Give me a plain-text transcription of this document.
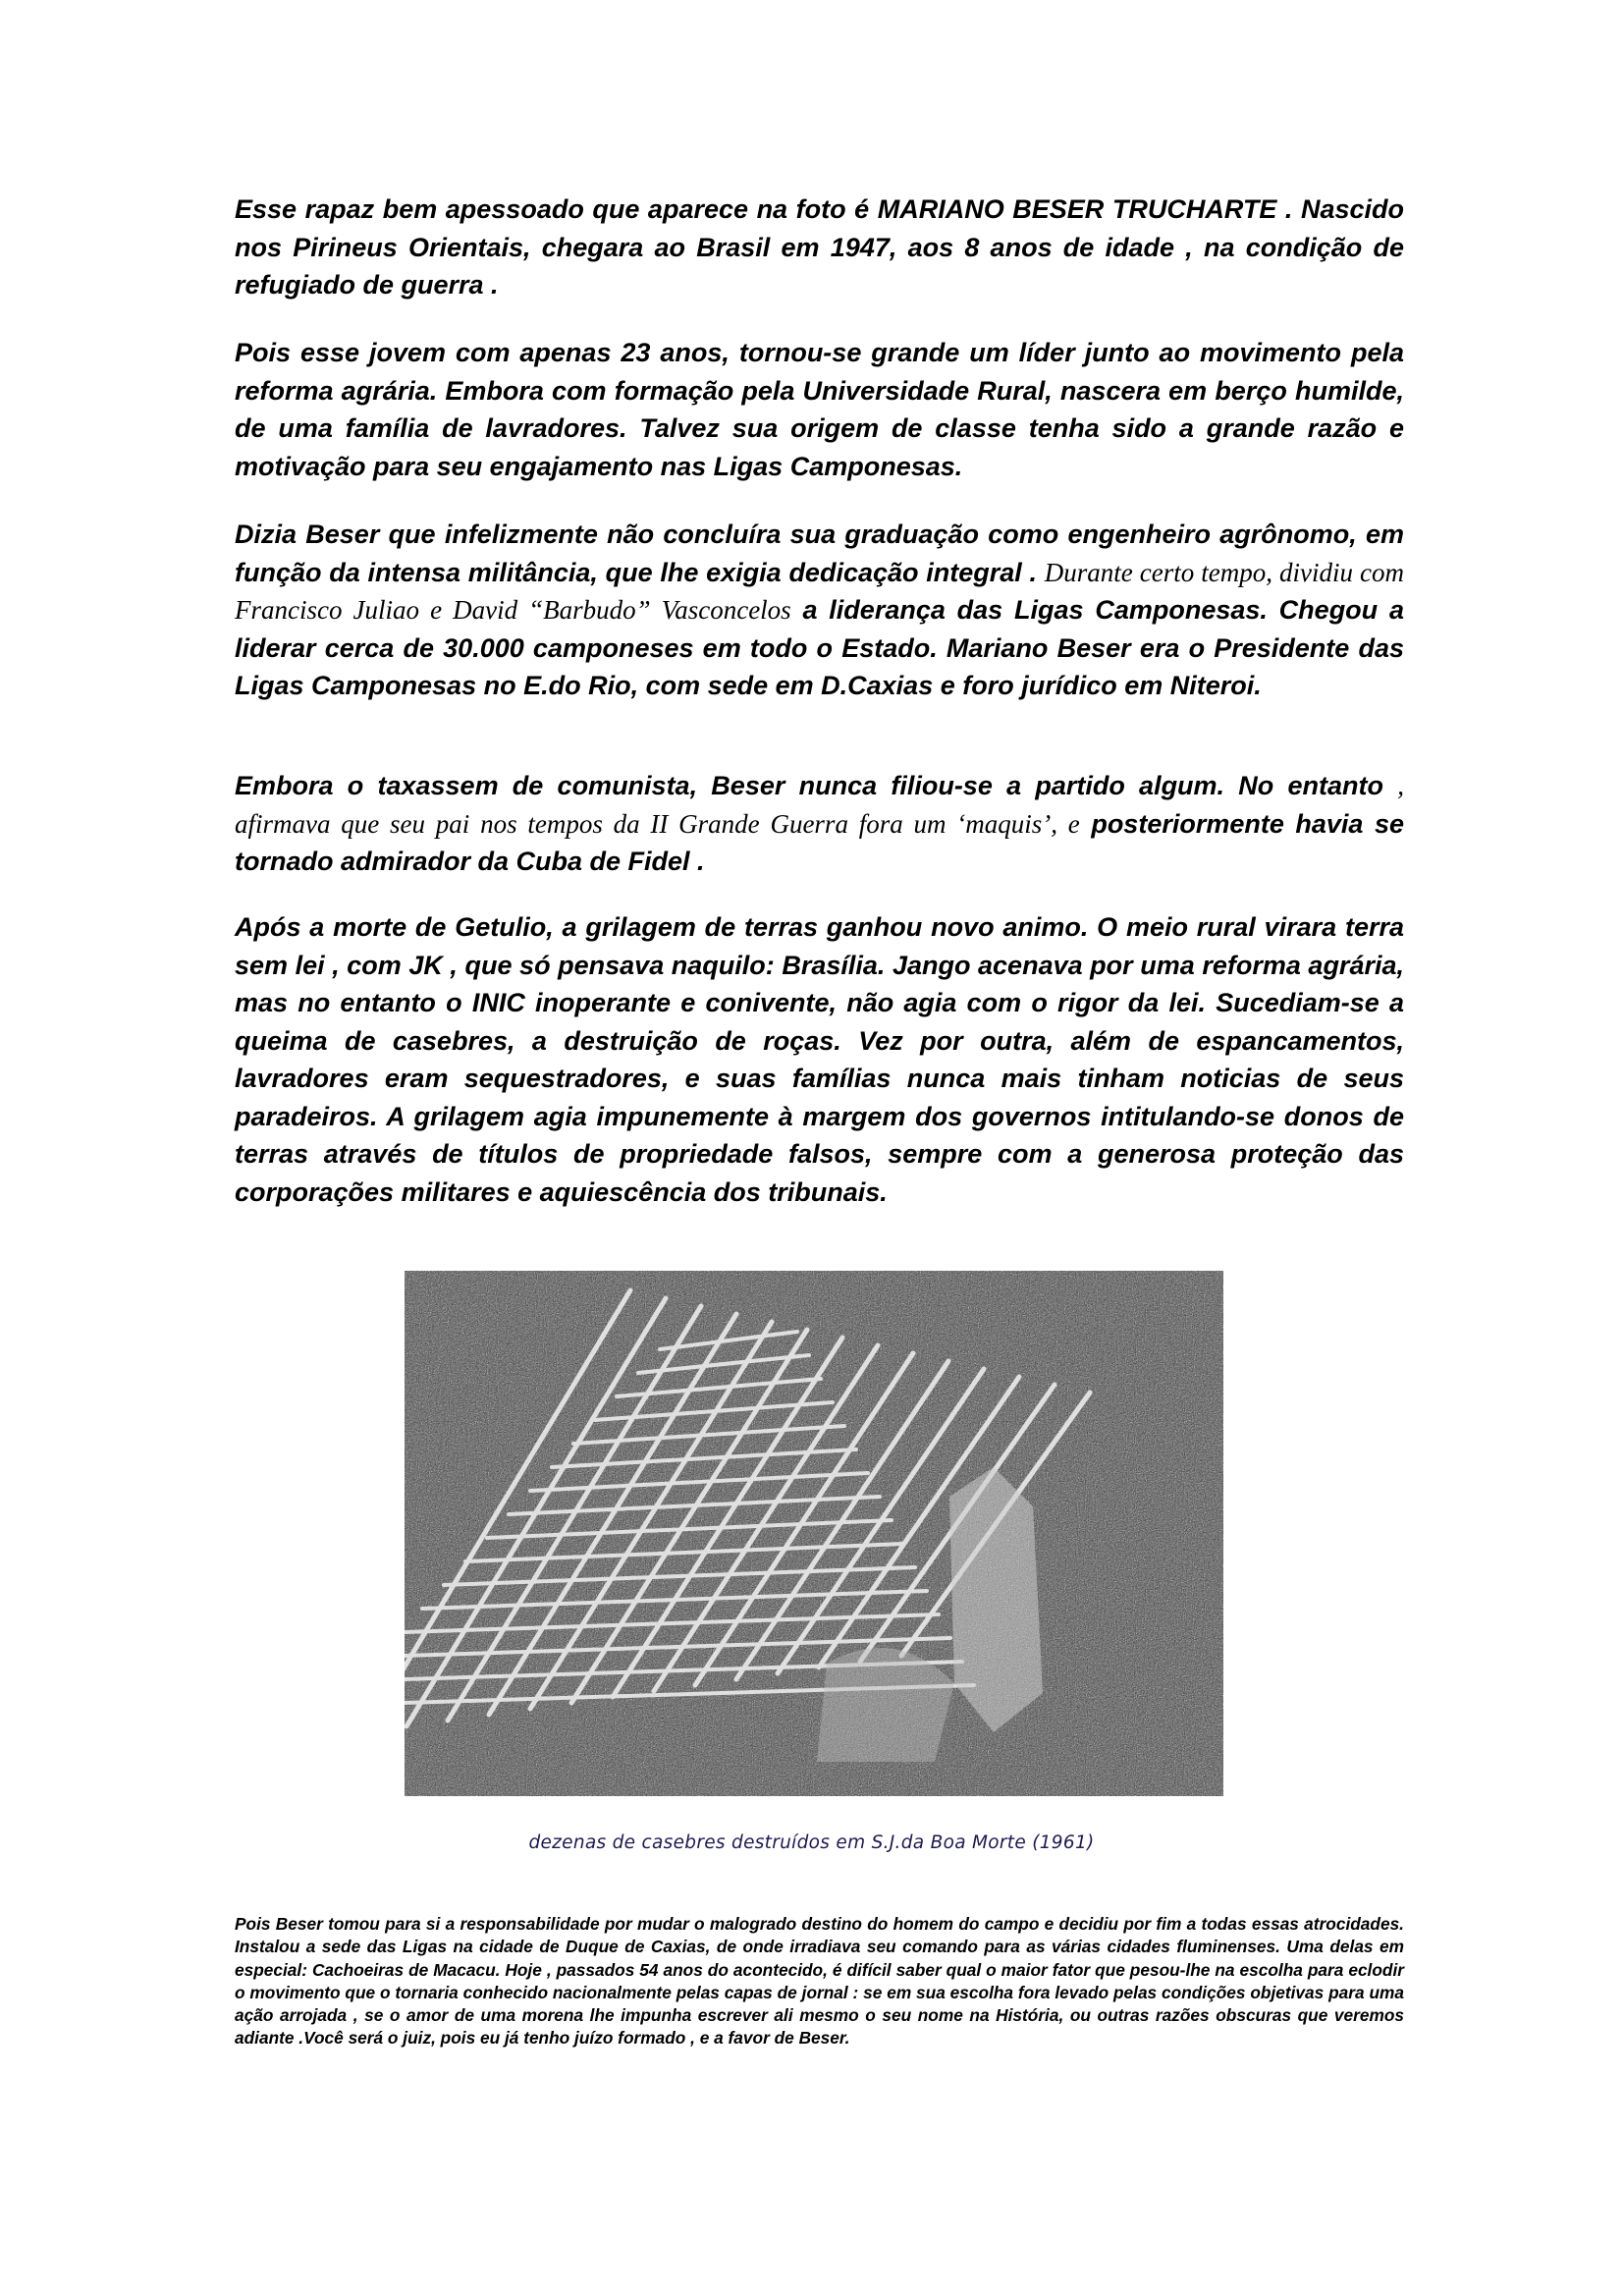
Esse rapaz bem apessoado que aparece na foto é MARIANO BESER TRUCHARTE . Nascido nos Pirineus Orientais, chegara ao Brasil em 1947, aos 8 anos de idade , na condição de refugiado de guerra .

Pois esse jovem com apenas 23 anos, tornou-se grande um líder junto ao movimento pela reforma agrária. Embora com formação pela Universidade Rural, nascera em berço humilde, de uma família de lavradores. Talvez sua origem de classe tenha sido a grande razão e motivação para seu engajamento nas Ligas Camponesas.

Dizia Beser que infelizmente não concluíra sua graduação como engenheiro agrônomo, em função da intensa militância, que lhe exigia dedicação integral . Durante certo tempo, dividiu com Francisco Juliao e David “Barbudo” Vasconcelos a liderança das Ligas Camponesas. Chegou a liderar cerca de 30.000 camponeses em todo o Estado. Mariano Beser era o Presidente das Ligas Camponesas no E.do Rio, com sede em D.Caxias e foro jurídico em Niteroi.

Embora o taxassem de comunista, Beser nunca filiou-se a partido algum. No entanto , afirmava que seu pai nos tempos da II Grande Guerra fora um ‘maquis’, e posteriormente havia se tornado admirador da Cuba de Fidel .

Após a morte de Getulio, a grilagem de terras ganhou novo animo. O meio rural virara terra sem lei , com JK , que só pensava naquilo: Brasília. Jango acenava por uma reforma agrária, mas no entanto o INIC inoperante e conivente, não agia com o rigor da lei. Sucediam-se a queima de casebres, a destruição de roças. Vez por outra, além de espancamentos, lavradores eram sequestradores, e suas famílias nunca mais tinham noticias de seus paradeiros. A grilagem agia impunemente à margem dos governos intitulando-se donos de terras através de títulos de propriedade falsos, sempre com a generosa proteção das corporações militares e aquiescência dos tribunais.

dezenas de casebres destruídos em S.J.da Boa Morte (1961)

Pois Beser tomou para si a responsabilidade por mudar o malogrado destino do homem do campo e decidiu por fim a todas essas atrocidades. Instalou a sede das Ligas na cidade de Duque de Caxias, de onde irradiava seu comando para as várias cidades fluminenses. Uma delas em especial: Cachoeiras de Macacu. Hoje , passados 54 anos do acontecido, é difícil saber qual o maior fator que pesou-lhe na escolha para eclodir o movimento que o tornaria conhecido nacionalmente pelas capas de jornal : se em sua escolha fora levado pelas condições objetivas para uma ação arrojada , se o amor de uma morena lhe impunha escrever ali mesmo o seu nome na História, ou outras razões obscuras que veremos adiante .Você será o juiz, pois eu já tenho juízo formado , e a favor de Beser.
